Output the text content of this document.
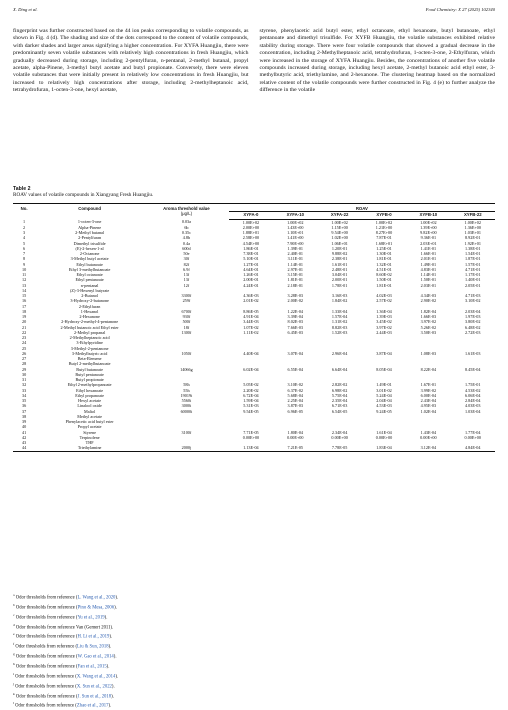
X. Ding et al.	Food Chemistry: X 27 (2025) 102340
fingerprint was further constructed based on the 44 ion peaks corresponding to volatile compounds, as shown in Fig. 4 (d). The shading and size of the dots correspond to the content of volatile compounds, with darker shades and larger areas signifying a higher concentration. For XYFA Huangjiu, there were predominantly seven volatile substances with relatively high concentrations in fresh Huangjiu, which gradually decreased during storage, including 2-pentylfuran, n-pentanal, 2-methyl butanal, propyl acetate, alpha-Pinene, 3-methyl butyl acetate and butyl propionate. Conversely, there were eleven volatile substances that were initially present in relatively low concentrations in fresh Huangjiu, but increased to relatively high concentrations after storage, including 2-methylheptanoic acid, tetrahydrofuran, 1-octen-3-one, hexyl acetate,
styrene, phenylacetic acid butyl ester, ethyl octanoate, ethyl hexanoate, butyl butanoate, ethyl pentanoate and dimethyl trisulfide. For XYFB Huangjiu, the volatile substances exhibited relative stability during storage. There were four volatile compounds that showed a gradual decrease in the concentration, including 2-Methylheptanoic acid, tetrahydrofuran, 1-octen-3-one, 2-Ethylfuran, which were increased in the storage of XYFA Huangjiu. Besides, the concentrations of another five volatile compounds increased during storage, including hexyl acetate, 2-methyl butanoic acid ethyl ester, 3-methylbutyric acid, triethylamine, and 2-hexanone. The clustering heatmap based on the normalized relative content of the volatile compounds were further constructed in Fig. 4 (e) to further analyze the difference in the volatile
Table 2
ROAV values of volatile compounds in Xiangyang Fresh Huangjiu.
No.	Compound	Aroma threshold value
(μg/L)	ROAV					
			XYFA-0	XYFA-10	XYFA-22	XYFB-0	XYFB-10	XYFB-22
1	1-octen-3-one	0.03a	1.00E+02	1.00E+02	1.00E+02	1.00E+02	1.00E+02	1.00E+02
2	Alpha-Pinene	6b	2.00E+00	1.43E+00	1.15E+00	1.21E+00	1.39E+00	1.36E+00
3	2-Methyl butanal	0.35c	1.88E+01	1.10E+01	9.54E+00	8.27E+00	9.82E+00	1.03E+01
4	2-Pentylfuran	4.8b	2.58E+00	1.41E+00	1.02E+00	7.87E-01	9.36E-01	8.92E-01
5	Dimethyl trisulfide	0.4a	4.54E+00	7.90E+00	1.06E+01	1.68E+01	2.03E+01	1.92E+01
6	(E)-2-hexen-1-al	600d	1.86E-01	1.39E-01	1.20E-01	1.25E-01	1.41E-01	1.38E-01
7	2-Octanone	50e	7.38E-01	2.40E-01	9.88E-02	1.30E-01	1.66E-01	1.54E-01
8	3-Methyl butyl acetate	30f	5.10E-01	3.11E-01	2.38E-01	1.81E-01	2.01E-01	1.87E-01
9	Ethyl butanoate	82f	1.27E-01	1.14E-01	1.61E-01	1.32E-01	1.49E-01	1.57E-01
10	Ethyl 3-methylbutanoate	6.9f	4.64E-01	2.97E-01	2.48E-01	4.51E-01	4.83E-01	4.71E-01
11	Ethyl octanoate	13f	1.26E-01	3.15E-01	3.04E-01	8.60E-02	1.14E-01	1.17E-01
12	Ethyl pentanoate	13f	2.00E-01	1.81E-01	2.00E-01	1.50E-01	1.50E-01	1.40E-01
13	n-pentanal	12f	4.24E-01	2.18E-01	1.78E-01	1.81E-01	2.03E-01	2.05E-01
14	(Z)-3-Hexenyl butyrate							
15	2-Butanol	3300f	4.36E-03	3.28E-03	3.16E-03	4.02E-03	4.34E-03	4.71E-03
16	3-Hydroxy-2-butanone	259f	2.01E-02	2.00E-02	1.84E-02	2.57E-02	2.90E-02	3.10E-02
17	2-Ethylfuran							
18	1-Hexanol	6700f	8.86E-05	1.22E-04	1.33E-04	1.36E-04	1.82E-04	2.03E-04
19	2-Hexanone	930f	4.91E-04	3.39E-04	1.57E-04	1.39E-03	1.66E-03	1.97E-03
20	2-Hydroxy-2-methyl-4-pentanone	500f	3.44E-03	8.02E-03	1.31E-02	3.45E-02	3.97E-02	3.80E-02
21	2-Methyl butanoic acid Ethyl ester	18f	1.07E-02	7.66E-03	8.82E-03	3.97E-02	5.26E-02	6.48E-02
22	2-Methyl propanal	1300f	1.11E-02	6.45E-03	1.52E-03	2.44E-03	3.50E-03	2.72E-03
23	2-Methylheptanoic acid							
24	3-Ethylpyridine							
25	3-Methyl-2-pentanone							
26	3-Methylbutyric acid	1050f	4.40E-04	3.07E-04	2.96E-04	3.87E-04	1.08E-03	1.61E-03
27	Beta-Elemene							
28	Butyl 2-methylbutanoate							
29	Butyl butanoate	14066g	6.02E-04	6.55E-04	6.64E-04	8.05E-04	8.22E-04	8.45E-04
30	Butyl pentanoate							
31	Butyl propionate							
32	Ethyl 2-methylpropanoate	58h	5.05E-02	3.10E-02	2.82E-02	1.49E-01	1.67E-01	1.75E-01
33	Ethyl hexanoate	55h	2.20E-02	6.37E-02	6.98E-02	3.01E-02	3.99E-02	4.53E-02
34	Ethyl propanoate	19019i	6.72E-04	5.68E-04	5.75E-04	5.24E-04	6.00E-04	6.06E-04
35	Hexyl acetate	5560i	1.59E-04	2.25E-04	2.35E-04	2.04E-04	2.43E-04	2.84E-04
36	Linalool oxide	3000i	5.31E-03	3.87E-03	6.71E-03	4.53E-03	4.95E-03	4.03E-03
37	Maltol	60000i	9.54E-05	6.96E-05	6.54E-05	9.24E-05	1.02E-04	1.03E-04
38	Methyl acetate							
39	Phenylacetic acid butyl ester							
40	Propyl acetate							
41	Styrene	3100f	7.71E-05	1.80E-04	2.34E-04	1.61E-04	1.43E-04	1.77E-04
42	Terpinolene		0.00E+00	0.00E+00	0.00E+00	0.00E+00	0.00E+00	0.00E+00
43	THF							
44	Triethylamine	2000j	1.13E-04	7.21E-05	7.78E-05	1.83E-04	3.12E-04	4.84E-04
$^a$ Odor thresholds from reference (L. Wang et al., 2020).
$^b$ Odor thresholds from reference (Pino & Mesa, 2006).
$^c$ Odor thresholds from reference (Yu et al., 2019).
$^d$ Odor thresholds from reference Van (Gemert 2011).
$^e$ Odor thresholds from reference (H. Li et al., 2019).
$^f$ Odor thresholds from reference (Liu & Sun, 2018).
$^g$ Odor thresholds from reference (W. Gao et al., 2014).
$^h$ Odor thresholds from reference (Fan et al., 2015).
$^i$ Odor thresholds from reference (X. Wang et al., 2014).
$^j$ Odor thresholds from reference (X. Sun et al., 2022).
$^k$ Odor thresholds from reference (J. Sun et al., 2018).
$^l$ Odor thresholds from reference (Zhao et al., 2017).
